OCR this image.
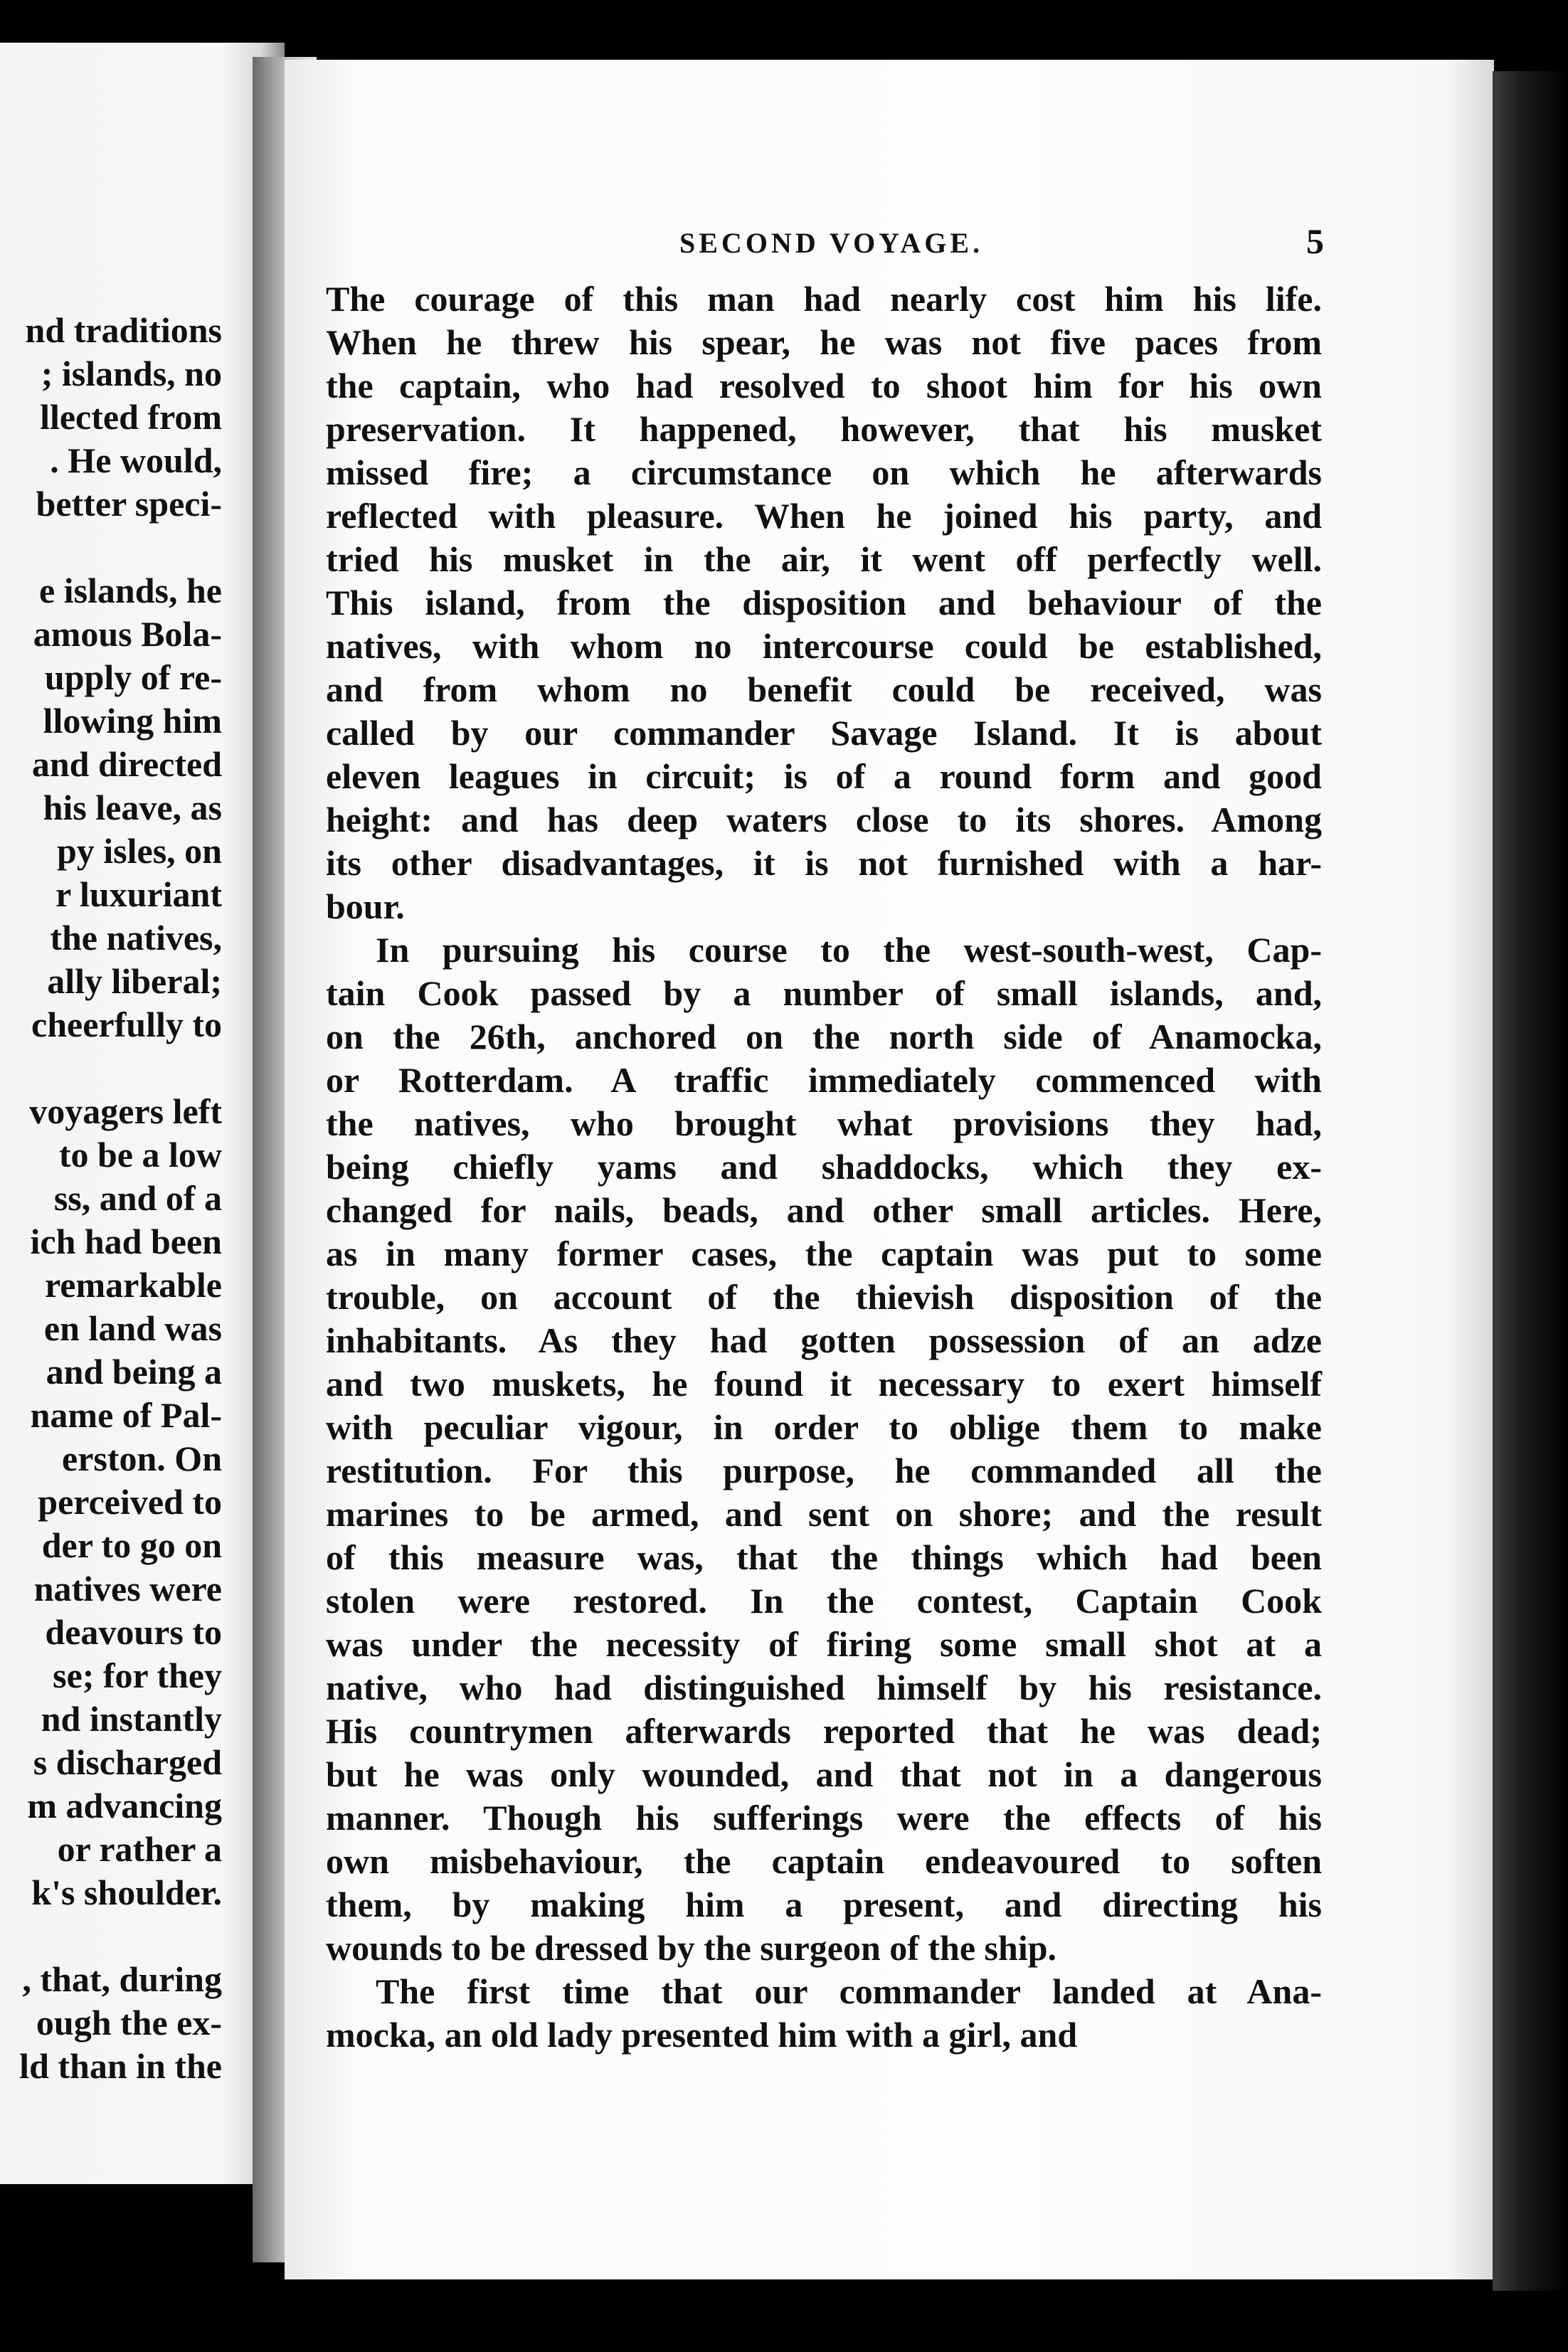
nd traditions
; islands, no
llected from
. He would,
better speci-
e islands, he
amous Bola-
upply of re-
llowing him
and directed
his leave, as
py isles, on
r luxuriant
the natives,
ally liberal;
cheerfully to
voyagers left
to be a low
ss, and of a
ich had been
remarkable
en land was
and being a
name of Pal-
erston. On
perceived to
der to go on
natives were
deavours to
se; for they
nd instantly
s discharged
m advancing
or rather a
k's shoulder.
, that, during
ough the ex-
ld than in the
SECOND VOYAGE.	5
The courage of this man had nearly cost him his life.
When he threw his spear, he was not five paces from
the captain, who had resolved to shoot him for his own
preservation. It happened, however, that his musket
missed fire; a circumstance on which he afterwards
reflected with pleasure. When he joined his party, and
tried his musket in the air, it went off perfectly well.
This island, from the disposition and behaviour of the
natives, with whom no intercourse could be established,
and from whom no benefit could be received, was
called by our commander Savage Island. It is about
eleven leagues in circuit; is of a round form and good
height: and has deep waters close to its shores. Among
its other disadvantages, it is not furnished with a har-
bour.
In pursuing his course to the west-south-west, Cap-
tain Cook passed by a number of small islands, and,
on the 26th, anchored on the north side of Anamocka,
or Rotterdam. A traffic immediately commenced with
the natives, who brought what provisions they had,
being chiefly yams and shaddocks, which they ex-
changed for nails, beads, and other small articles. Here,
as in many former cases, the captain was put to some
trouble, on account of the thievish disposition of the
inhabitants. As they had gotten possession of an adze
and two muskets, he found it necessary to exert himself
with peculiar vigour, in order to oblige them to make
restitution. For this purpose, he commanded all the
marines to be armed, and sent on shore; and the result
of this measure was, that the things which had been
stolen were restored. In the contest, Captain Cook
was under the necessity of firing some small shot at a
native, who had distinguished himself by his resistance.
His countrymen afterwards reported that he was dead;
but he was only wounded, and that not in a dangerous
manner. Though his sufferings were the effects of his
own misbehaviour, the captain endeavoured to soften
them, by making him a present, and directing his
wounds to be dressed by the surgeon of the ship.
The first time that our commander landed at Ana-
mocka, an old lady presented him with a girl, and
